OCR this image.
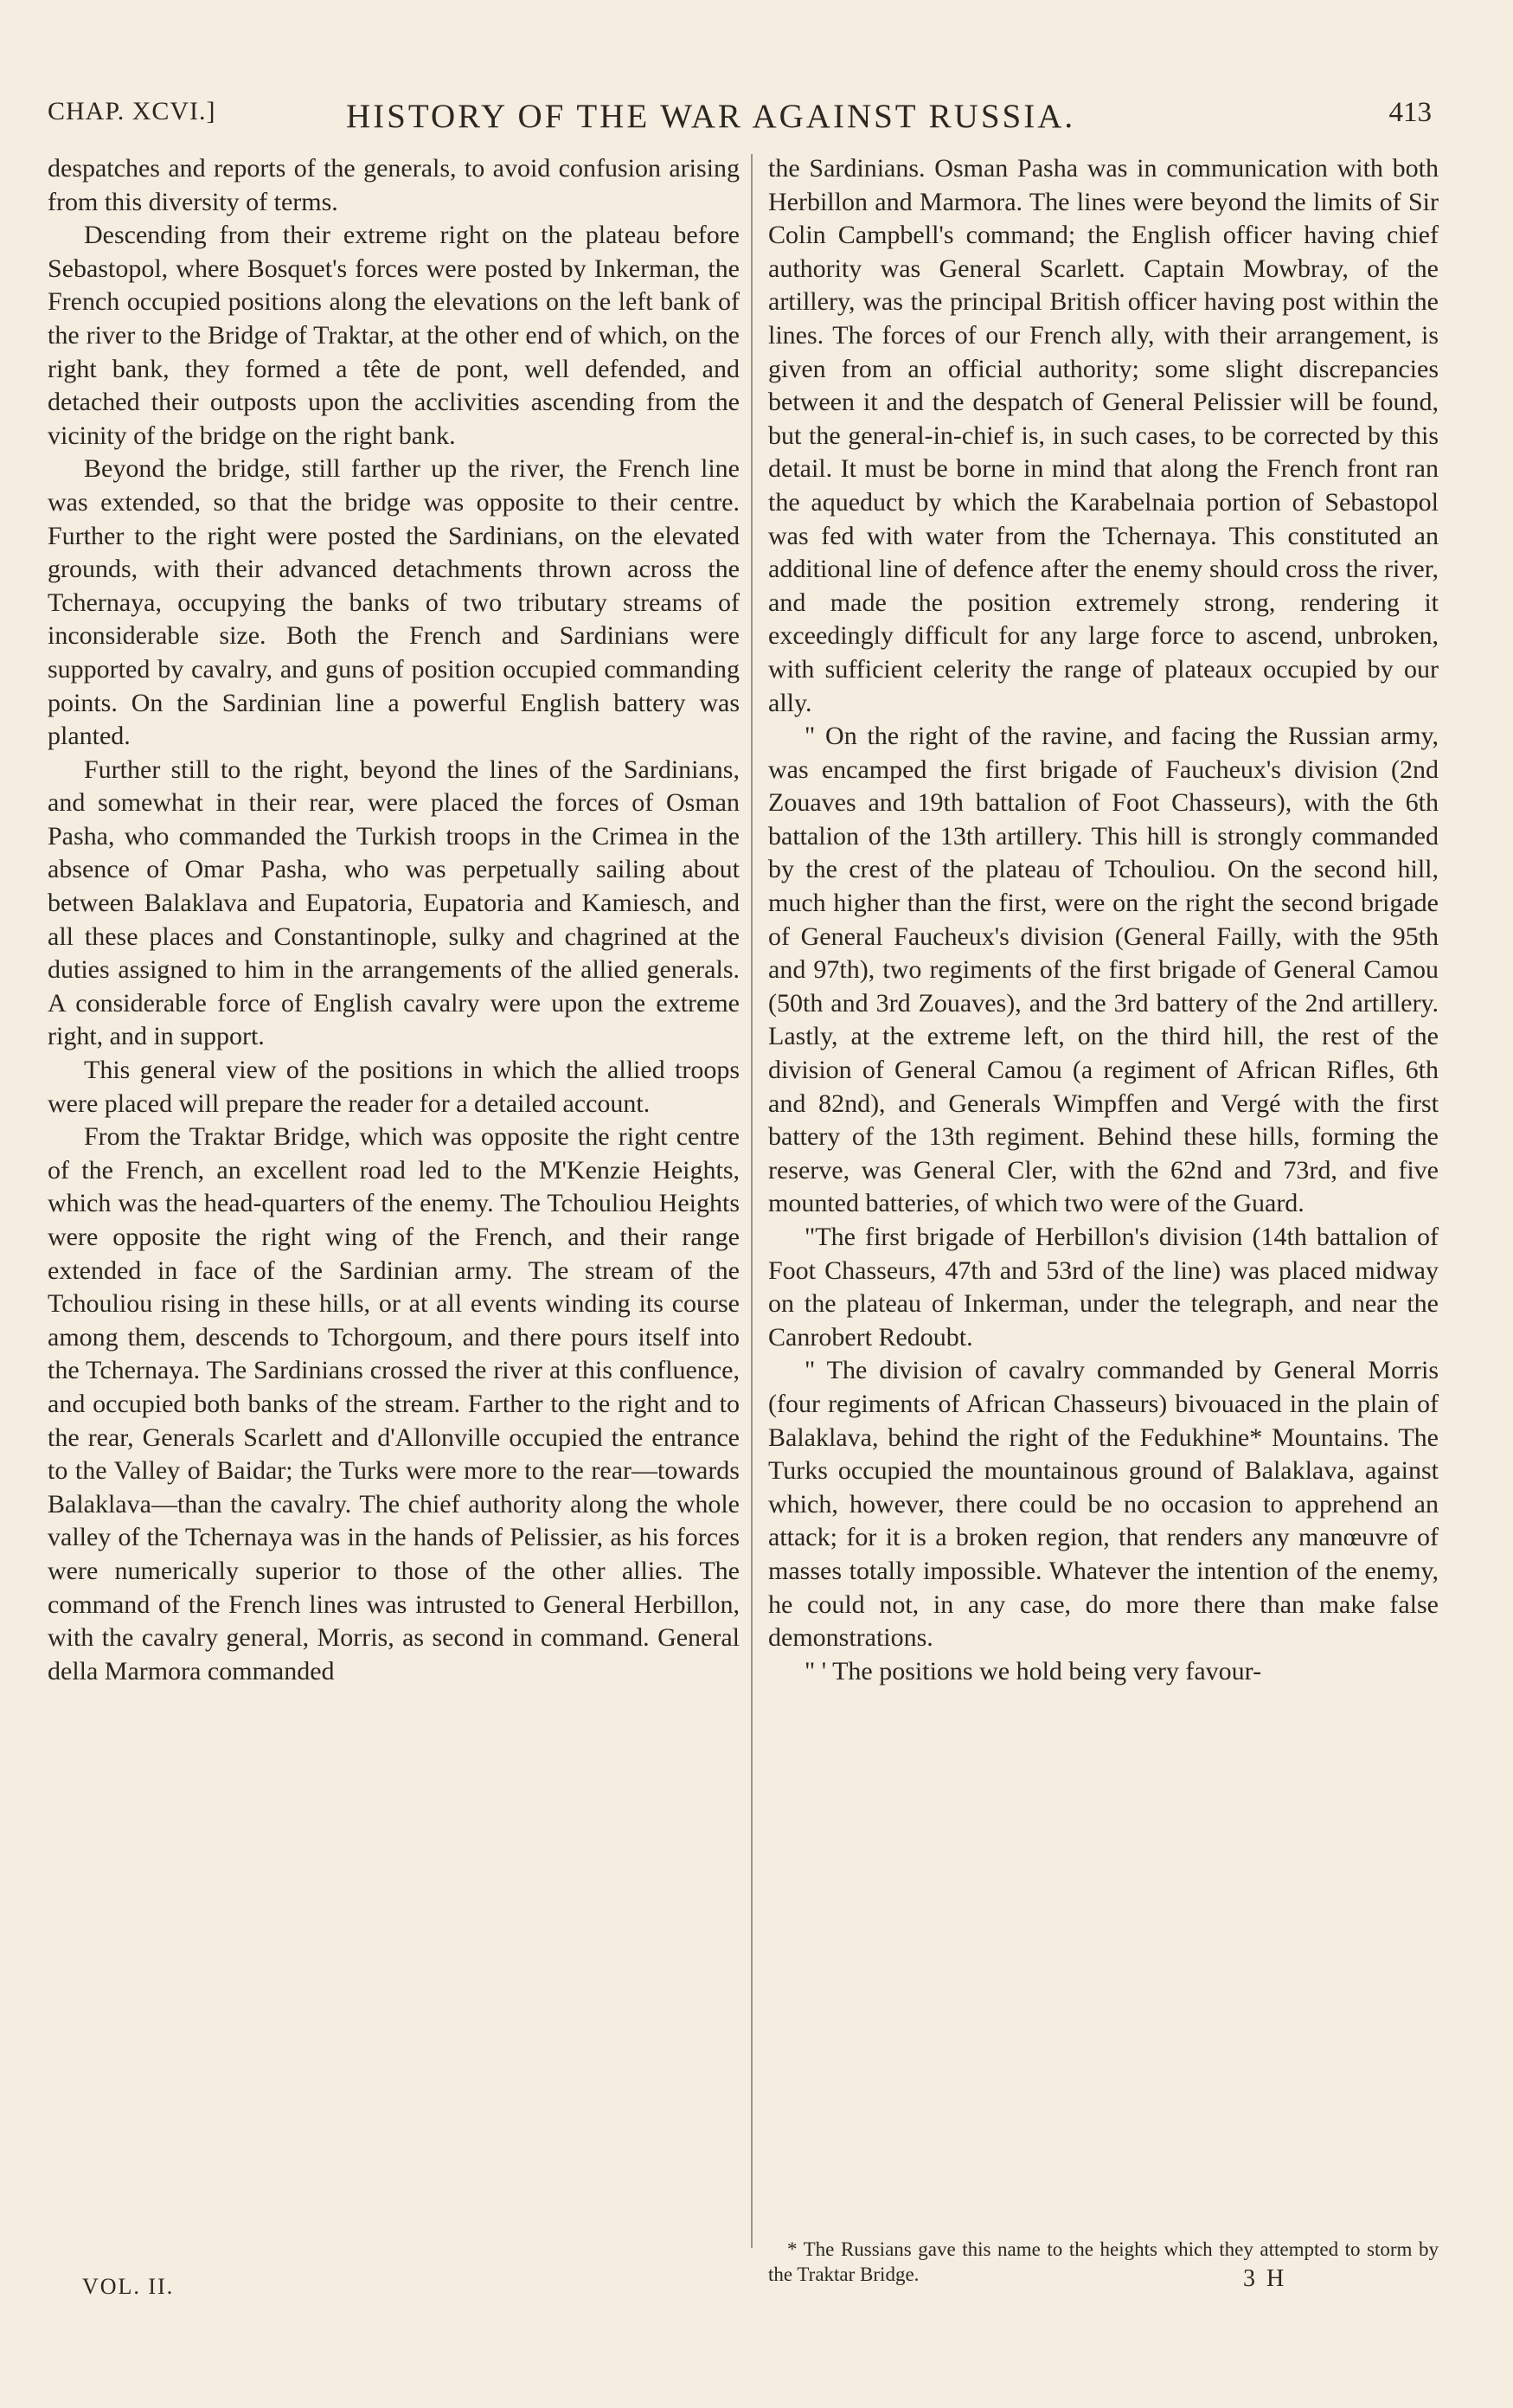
CHAP. XCVI.]	HISTORY OF THE WAR AGAINST RUSSIA.	413

despatches and reports of the generals, to avoid confusion arising from this diversity of terms.

Descending from their extreme right on the plateau before Sebastopol, where Bosquet's forces were posted by Inkerman, the French occupied positions along the elevations on the left bank of the river to the Bridge of Traktar, at the other end of which, on the right bank, they formed a tête de pont, well defended, and detached their outposts upon the acclivities ascending from the vicinity of the bridge on the right bank.

Beyond the bridge, still farther up the river, the French line was extended, so that the bridge was opposite to their centre. Further to the right were posted the Sardinians, on the elevated grounds, with their advanced detachments thrown across the Tchernaya, occupying the banks of two tributary streams of inconsiderable size. Both the French and Sardinians were supported by cavalry, and guns of position occupied commanding points. On the Sardinian line a powerful English battery was planted.

Further still to the right, beyond the lines of the Sardinians, and somewhat in their rear, were placed the forces of Osman Pasha, who commanded the Turkish troops in the Crimea in the absence of Omar Pasha, who was perpetually sailing about between Balaklava and Eupatoria, Eupatoria and Kamiesch, and all these places and Constantinople, sulky and chagrined at the duties assigned to him in the arrangements of the allied generals. A considerable force of English cavalry were upon the extreme right, and in support.

This general view of the positions in which the allied troops were placed will prepare the reader for a detailed account.

From the Traktar Bridge, which was opposite the right centre of the French, an excellent road led to the M'Kenzie Heights, which was the head-quarters of the enemy. The Tchouliou Heights were opposite the right wing of the French, and their range extended in face of the Sardinian army. The stream of the Tchouliou rising in these hills, or at all events winding its course among them, descends to Tchorgoum, and there pours itself into the Tchernaya. The Sardinians crossed the river at this confluence, and occupied both banks of the stream. Farther to the right and to the rear, Generals Scarlett and d'Allonville occupied the entrance to the Valley of Baidar; the Turks were more to the rear—towards Balaklava—than the cavalry. The chief authority along the whole valley of the Tchernaya was in the hands of Pelissier, as his forces were numerically superior to those of the other allies. The command of the French lines was intrusted to General Herbillon, with the cavalry general, Morris, as second in command. General della Marmora commanded

the Sardinians. Osman Pasha was in communication with both Herbillon and Marmora. The lines were beyond the limits of Sir Colin Campbell's command; the English officer having chief authority was General Scarlett. Captain Mowbray, of the artillery, was the principal British officer having post within the lines. The forces of our French ally, with their arrangement, is given from an official authority; some slight discrepancies between it and the despatch of General Pelissier will be found, but the general-in-chief is, in such cases, to be corrected by this detail. It must be borne in mind that along the French front ran the aqueduct by which the Karabelnaia portion of Sebastopol was fed with water from the Tchernaya. This constituted an additional line of defence after the enemy should cross the river, and made the position extremely strong, rendering it exceedingly difficult for any large force to ascend, unbroken, with sufficient celerity the range of plateaux occupied by our ally.

" On the right of the ravine, and facing the Russian army, was encamped the first brigade of Faucheux's division (2nd Zouaves and 19th battalion of Foot Chasseurs), with the 6th battalion of the 13th artillery. This hill is strongly commanded by the crest of the plateau of Tchouliou. On the second hill, much higher than the first, were on the right the second brigade of General Faucheux's division (General Failly, with the 95th and 97th), two regiments of the first brigade of General Camou (50th and 3rd Zouaves), and the 3rd battery of the 2nd artillery. Lastly, at the extreme left, on the third hill, the rest of the division of General Camou (a regiment of African Rifles, 6th and 82nd), and Generals Wimpffen and Vergé with the first battery of the 13th regiment. Behind these hills, forming the reserve, was General Cler, with the 62nd and 73rd, and five mounted batteries, of which two were of the Guard.

"The first brigade of Herbillon's division (14th battalion of Foot Chasseurs, 47th and 53rd of the line) was placed midway on the plateau of Inkerman, under the telegraph, and near the Canrobert Redoubt.

" The division of cavalry commanded by General Morris (four regiments of African Chasseurs) bivouaced in the plain of Balaklava, behind the right of the Fedukhine* Mountains. The Turks occupied the mountainous ground of Balaklava, against which, however, there could be no occasion to apprehend an attack; for it is a broken region, that renders any manœuvre of masses totally impossible. Whatever the intention of the enemy, he could not, in any case, do more there than make false demonstrations.

" ' The positions we hold being very favour-

* The Russians gave this name to the heights which they attempted to storm by the Traktar Bridge.

VOL. II.	3 H
